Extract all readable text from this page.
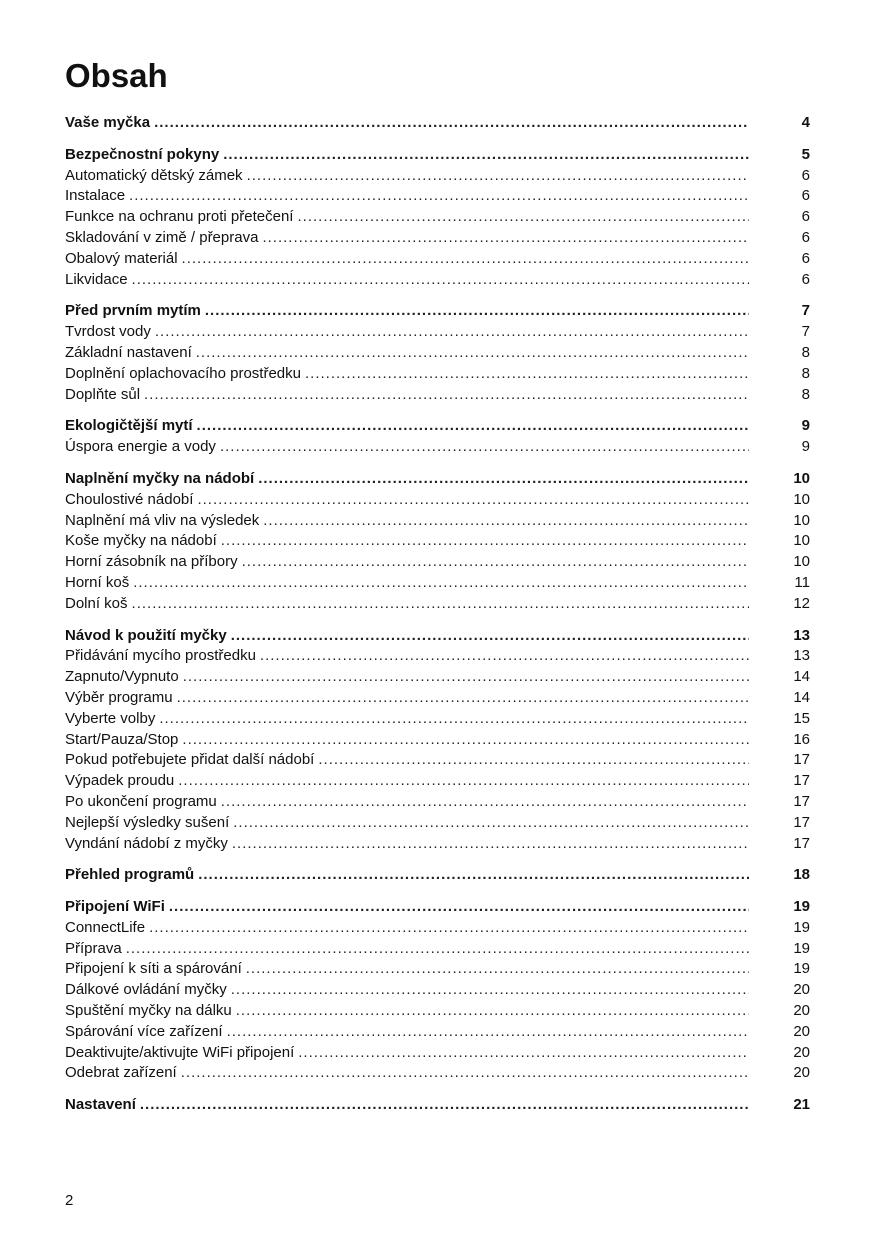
Obsah
Vaše myčka .....	4
Bezpečnostní pokyny .....	5
Automatický dětský zámek .....	6
Instalace .....	6
Funkce na ochranu proti přetečení .....	6
Skladování v zimě / přeprava .....	6
Obalový materiál .....	6
Likvidace .....	6
Před prvním mytím .....	7
Tvrdost vody .....	7
Základní nastavení .....	8
Doplnění oplachovacího prostředku .....	8
Doplňte sůl .....	8
Ekologičtější mytí .....	9
Úspora energie a vody .....	9
Naplnění myčky na nádobí .....	10
Choulostivé nádobí .....	10
Naplnění má vliv na výsledek .....	10
Koše myčky na nádobí .....	10
Horní zásobník na příbory .....	10
Horní koš .....	11
Dolní koš .....	12
Návod k použití myčky .....	13
Přidávání mycího prostředku .....	13
Zapnuto/Vypnuto .....	14
Výběr programu .....	14
Vyberte volby .....	15
Start/Pauza/Stop .....	16
Pokud potřebujete přidat další nádobí .....	17
Výpadek proudu .....	17
Po ukončení programu .....	17
Nejlepší výsledky sušení .....	17
Vyndání nádobí z myčky .....	17
Přehled programů .....	18
Připojení WiFi .....	19
ConnectLife .....	19
Příprava .....	19
Připojení k síti a spárování .....	19
Dálkové ovládání myčky .....	20
Spuštění myčky na dálku .....	20
Spárování více zařízení .....	20
Deaktivujte/aktivujte WiFi připojení .....	20
Odebrat zařízení .....	20
Nastavení .....	21
2
